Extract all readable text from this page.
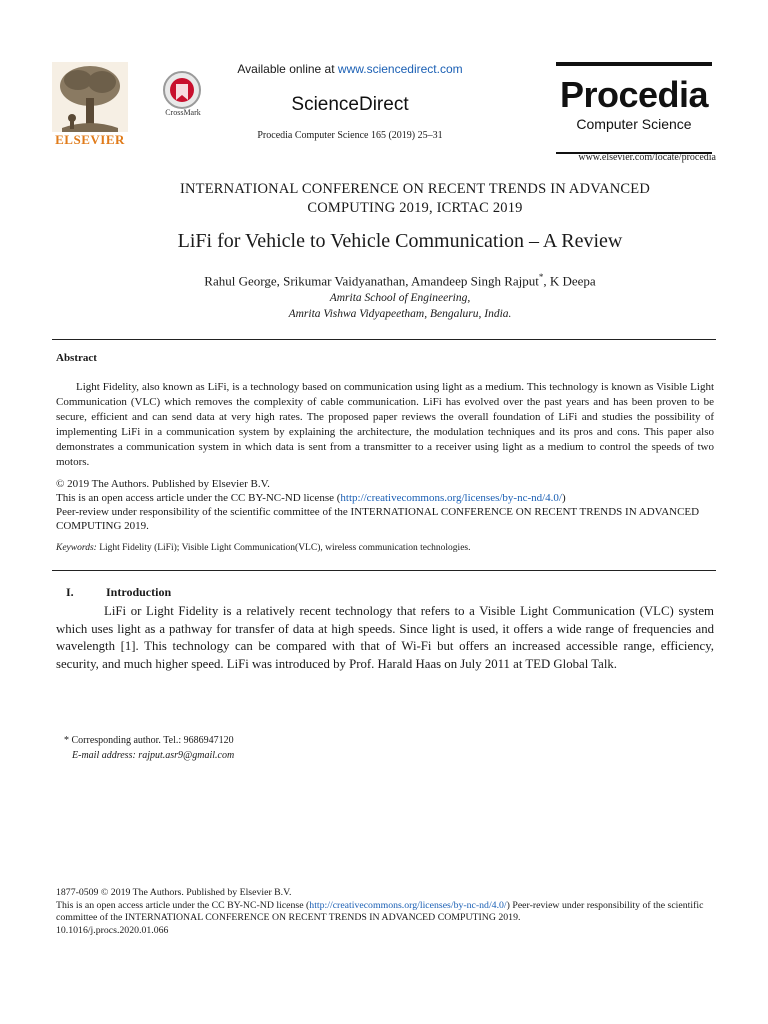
ELSEVIER
CrossMark
Available online at www.sciencedirect.com
ScienceDirect
Procedia Computer Science 165 (2019) 25–31
Procedia
Computer Science
www.elsevier.com/locate/procedia
INTERNATIONAL CONFERENCE ON RECENT TRENDS IN ADVANCED
COMPUTING 2019, ICRTAC 2019
LiFi for Vehicle to Vehicle Communication – A Review
Rahul George, Srikumar Vaidyanathan, Amandeep Singh Rajput*, K Deepa
Amrita School of Engineering,
Amrita Vishwa Vidyapeetham, Bengaluru, India.
Abstract
Light Fidelity, also known as LiFi, is a technology based on communication using light as a medium. This technology is known as Visible Light Communication (VLC) which removes the complexity of cable communication. LiFi has evolved over the past years and has been proven to be secure, efficient and can send data at very high rates. The proposed paper reviews the overall foundation of LiFi and studies the possibility of implementing LiFi in a communication system by explaining the architecture, the modulation techniques and its pros and cons. This paper also demonstrates a communication system in which data is sent from a transmitter to a receiver using light as a medium to control the speeds of two motors.
© 2019 The Authors. Published by Elsevier B.V.
This is an open access article under the CC BY-NC-ND license (http://creativecommons.org/licenses/by-nc-nd/4.0/)
Peer-review under responsibility of the scientific committee of the INTERNATIONAL CONFERENCE ON RECENT TRENDS IN ADVANCED COMPUTING 2019.
Keywords: Light Fidelity (LiFi); Visible Light Communication(VLC), wireless communication technologies.
I.	Introduction
LiFi or Light Fidelity is a relatively recent technology that refers to a Visible Light Communication (VLC) system which uses light as a pathway for transfer of data at high speeds. Since light is used, it offers a wide range of frequencies and wavelength [1]. This technology can be compared with that of Wi-Fi but offers an increased accessible range, efficiency, security, and much higher speed. LiFi was introduced by Prof. Harald Haas on July 2011 at TED Global Talk.
* Corresponding author. Tel.: 9686947120
E-mail address: rajput.asr9@gmail.com
1877-0509 © 2019 The Authors. Published by Elsevier B.V.
This is an open access article under the CC BY-NC-ND license (http://creativecommons.org/licenses/by-nc-nd/4.0/) Peer-review under responsibility of the scientific committee of the INTERNATIONAL CONFERENCE ON RECENT TRENDS IN ADVANCED COMPUTING 2019.
10.1016/j.procs.2020.01.066
